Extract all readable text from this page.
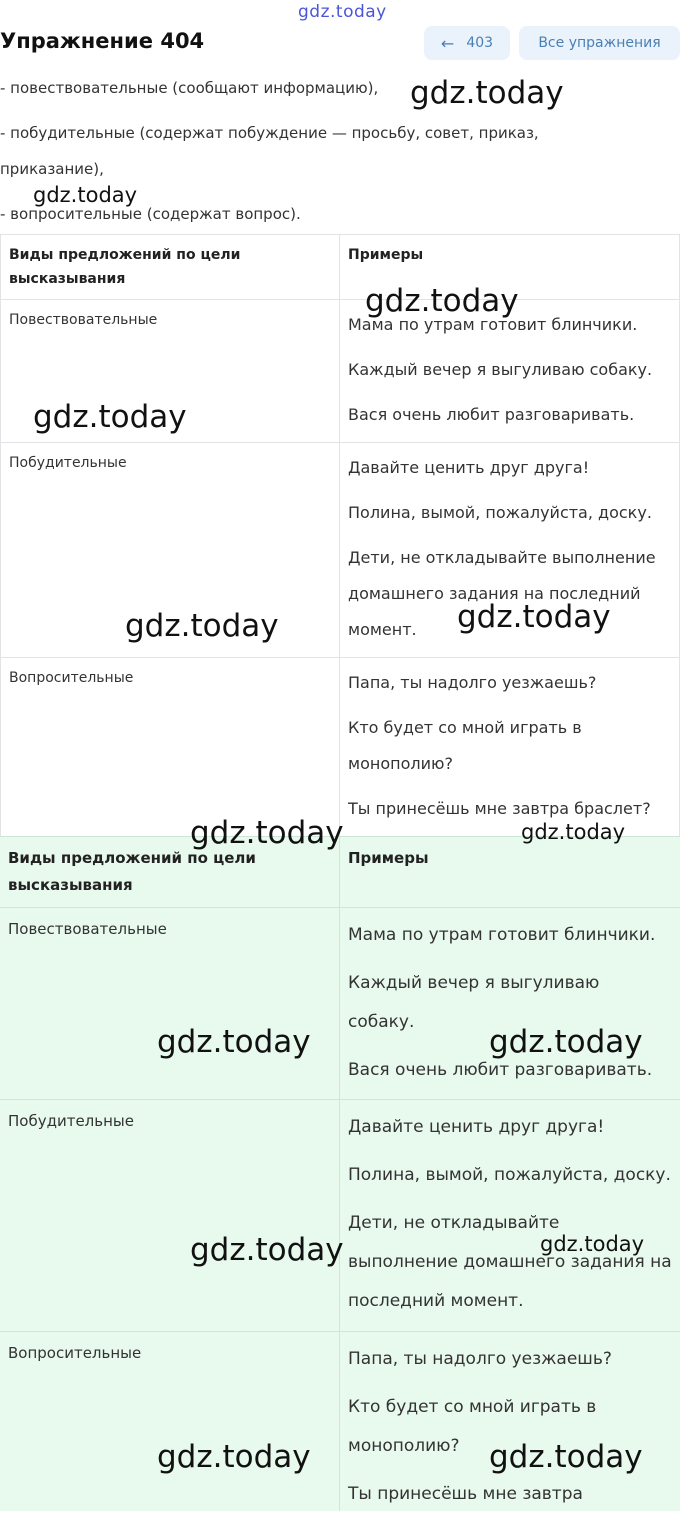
gdz.today
Упражнение 404	← 403	Все упражнения
- повествовательные (сообщают информацию),
- побудительные (содержат побуждение — просьбу, совет, приказ,
приказание),
- вопросительные (содержат вопрос).
Виды предложений по цели высказывания
Примеры
Повествовательные	Мама по утрам готовит блинчики.
Каждый вечер я выгуливаю собаку.
Вася очень любит разговаривать.
Побудительные	Давайте ценить друг друга!
Полина, вымой, пожалуйста, доску.
Дети, не откладывайте выполнение домашнего задания на последний момент.
Вопросительные	Папа, ты надолго уезжаешь?
Кто будет со мной играть в монополию?
Ты принесёшь мне завтра браслет?
Виды предложений по цели высказывания
Примеры
Повествовательные	Мама по утрам готовит блинчики.
Каждый вечер я выгуливаю собаку.
Вася очень любит разговаривать.
Побудительные	Давайте ценить друг друга!
Полина, вымой, пожалуйста, доску.
Дети, не откладывайте выполнение домашнего задания на последний момент.
Вопросительные	Папа, ты надолго уезжаешь?
Кто будет со мной играть в монополию?
Ты принесёшь мне завтра
gdz.today
gdz.today
gdz.today
gdz.today
gdz.today	gdz.today
gdz.today	gdz.today
gdz.today	gdz.today
gdz.today	gdz.today
gdz.today	gdz.today
